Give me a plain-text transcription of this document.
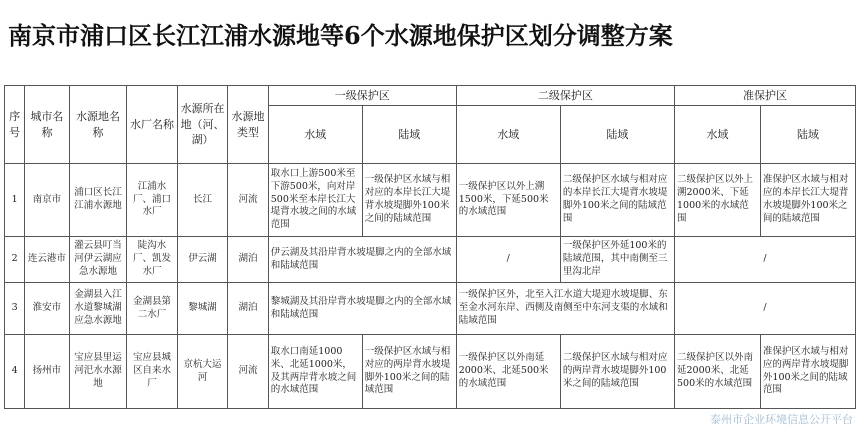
南京市浦口区长江江浦水源地等6个水源地保护区划分调整方案
序号	城市名称	水源地名称	水厂名称	水源所在地（河、湖）	水源地类型	一级保护区		二级保护区		准保护区	
						水域	陆域	水域	陆域	水域	陆域
1	南京市	浦口区长江江浦水源地	江浦水厂、浦口水厂	长江	河流	取水口上游500米至下游500米，向对岸500米至本岸长江大堤背水坡之间的水域范围	一级保护区水域与相对应的本岸长江大堤背水坡堤脚外100米之间的陆域范围	一级保护区以外上溯1500米，下延500米的水域范围	二级保护区水域与相对应的本岸长江大堤背水坡堤脚外100米之间的陆域范围	二级保护区以外上溯2000米、下延1000米的水域范围	准保护区水域与相对应的本岸长江大堤背水坡堤脚外100米之间的陆域范围
2	连云港市	灌云县叮当河伊云湖应急水源地	陡沟水厂、凯发水厂	伊云湖	湖泊	伊云湖及其沿岸背水坡堤脚之内的全部水域和陆域范围		/	一级保护区外延100米的陆域范围，其中南侧至三里沟北岸	/	
3	淮安市	金湖县入江水道黎城湖应急水源地	金湖县第二水厂	黎城湖	湖泊	黎城湖及其沿岸背水坡堤脚之内的全部水域和陆域范围		一级保护区外，北至入江水道大堤迎水坡堤脚、东至金水河东岸、西侧及南侧至中东河支渠的水域和陆域范围		/	
4	扬州市	宝应县里运河汜水水源地	宝应县城区自来水厂	京杭大运河	河流	取水口南延1000米、北延1000米，及其两岸背水坡之间的水域范围	一级保护区水域与相对应的两岸背水坡堤脚外100米之间的陆域范围	一级保护区以外南延2000米、北延500米的水域范围	二级保护区水域与相对应的两岸背水坡堤脚外100米之间的陆域范围	二级保护区以外南延2000米、北延500米的水域范围	准保护区水域与相对应的两岸背水坡堤脚外100米之间的陆域范围
泰州市企业环境信息公开平台
